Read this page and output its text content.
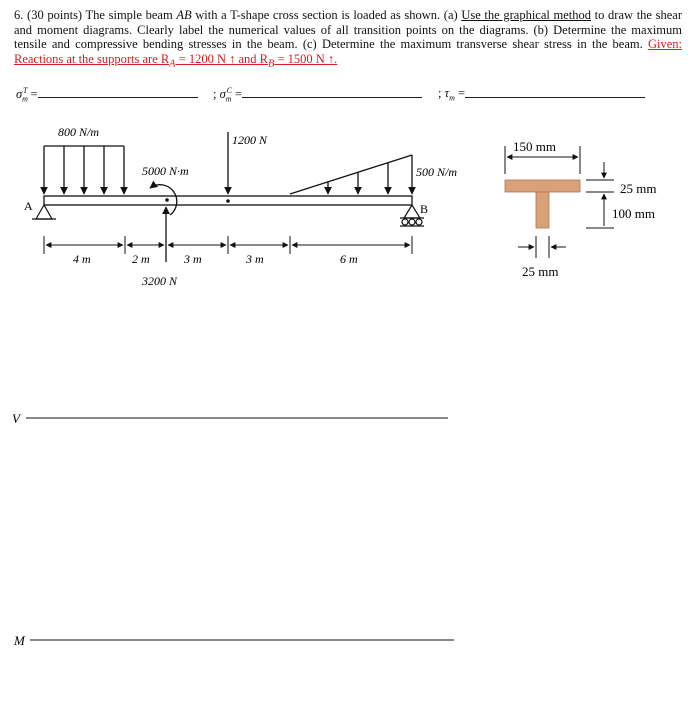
6. (30 points) The simple beam AB with a T-shape cross section is loaded as shown. (a) Use the graphical method to draw the shear and moment diagrams. Clearly label the numerical values of all transition points on the diagrams. (b) Determine the maximum tensile and compressive bending stresses in the beam. (c) Determine the maximum transverse shear stress in the beam. Given: Reactions at the supports are $R_A = 1200$ N ↑ and $R_B = 1500$ N ↑.
$\sigma_m^T$ =	; $\sigma_m^C$ =	; $\tau_m$ =
800 N/m
5000 N·m
3200 N
1200 N
500 N/m
A	B
4 m	2 m	3 m	3 m	6 m
150 mm
25 mm
100 mm
25 mm
V
M
